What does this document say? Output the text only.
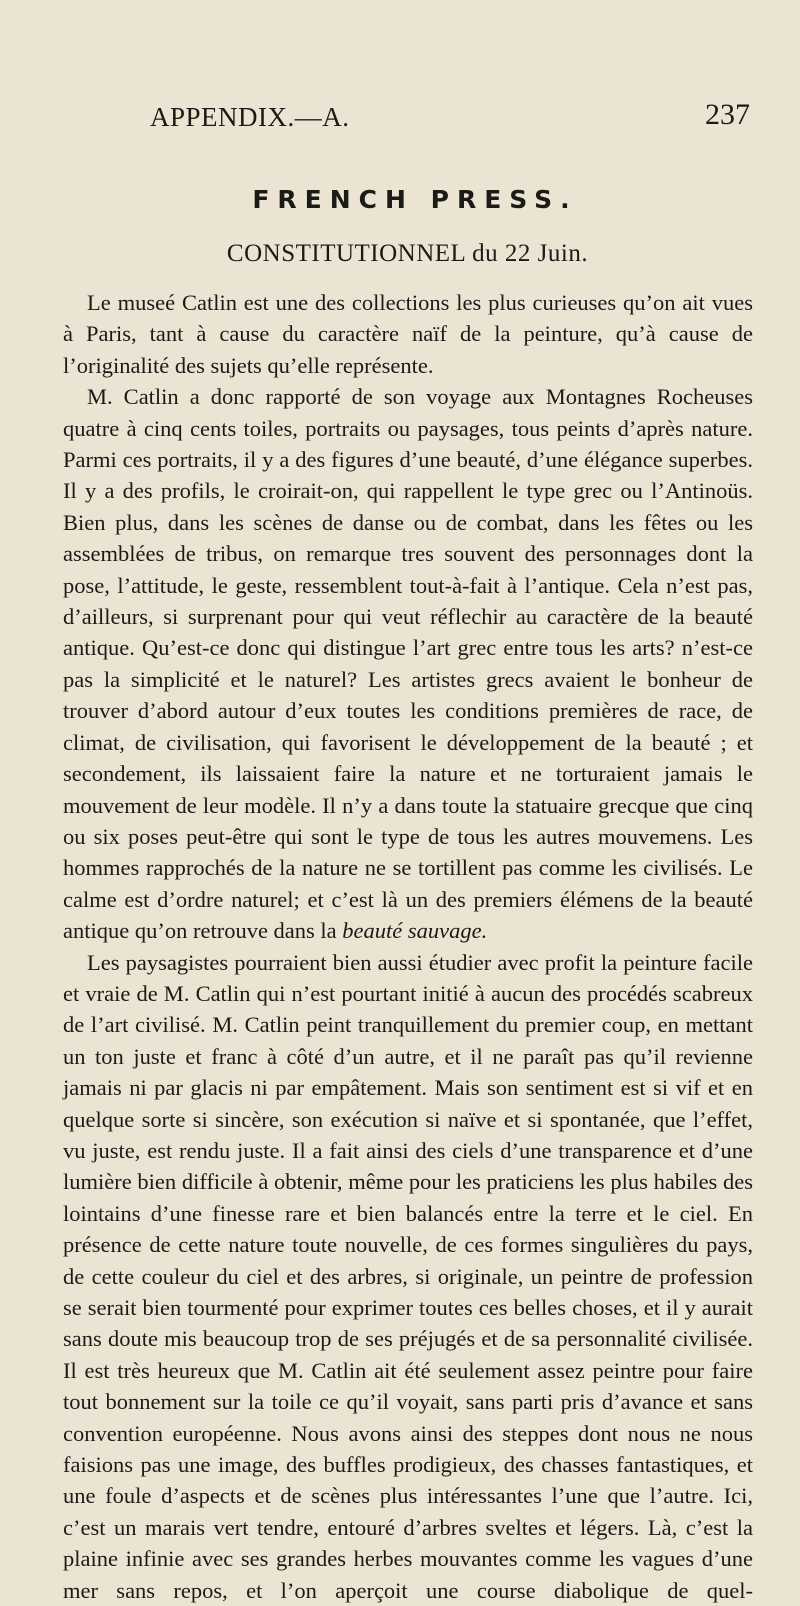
APPENDIX.—A.	237
FRENCH PRESS.
CONSTITUTIONNEL du 22 Juin.

Le museé Catlin est une des collections les plus curieuses qu’on ait vues à Paris, tant à cause du caractère naïf de la peinture, qu’à cause de l’originalité des sujets qu’elle représente.

M. Catlin a donc rapporté de son voyage aux Montagnes Rocheuses quatre à cinq cents toiles, portraits ou paysages, tous peints d’après nature. Parmi ces portraits, il y a des figures d’une beauté, d’une élégance superbes. Il y a des profils, le croirait-on, qui rappellent le type grec ou l’Antinoüs. Bien plus, dans les scènes de danse ou de combat, dans les fêtes ou les assemblées de tribus, on remarque tres souvent des personnages dont la pose, l’attitude, le geste, ressemblent tout-à-fait à l’antique. Cela n’est pas, d’ailleurs, si surprenant pour qui veut réflechir au caractère de la beauté antique. Qu’est-ce donc qui distingue l’art grec entre tous les arts? n’est-ce pas la simplicité et le naturel? Les artistes grecs avaient le bonheur de trouver d’abord autour d’eux toutes les conditions premières de race, de climat, de civilisation, qui favorisent le développement de la beauté ; et secondement, ils laissaient faire la nature et ne torturaient jamais le mouvement de leur modèle. Il n’y a dans toute la statuaire grecque que cinq ou six poses peut-être qui sont le type de tous les autres mouvemens. Les hommes rapprochés de la nature ne se tortillent pas comme les civilisés. Le calme est d’ordre naturel; et c’est là un des premiers élémens de la beauté antique qu’on retrouve dans la beauté sauvage.

Les paysagistes pourraient bien aussi étudier avec profit la peinture facile et vraie de M. Catlin qui n’est pourtant initié à aucun des procédés scabreux de l’art civilisé. M. Catlin peint tranquillement du premier coup, en mettant un ton juste et franc à côté d’un autre, et il ne paraît pas qu’il revienne jamais ni par glacis ni par empâtement. Mais son sentiment est si vif et en quelque sorte si sincère, son exécution si naïve et si spontanée, que l’effet, vu juste, est rendu juste. Il a fait ainsi des ciels d’une transparence et d’une lumière bien difficile à obtenir, même pour les praticiens les plus habiles des lointains d’une finesse rare et bien balancés entre la terre et le ciel. En présence de cette nature toute nouvelle, de ces formes singulières du pays, de cette couleur du ciel et des arbres, si originale, un peintre de profession se serait bien tourmenté pour exprimer toutes ces belles choses, et il y aurait sans doute mis beaucoup trop de ses préjugés et de sa personnalité civilisée. Il est très heureux que M. Catlin ait été seulement assez peintre pour faire tout bonnement sur la toile ce qu’il voyait, sans parti pris d’avance et sans convention européenne. Nous avons ainsi des steppes dont nous ne nous faisions pas une image, des buffles prodigieux, des chasses fantastiques, et une foule d’aspects et de scènes plus intéressantes l’une que l’autre. Ici, c’est un marais vert tendre, entouré d’arbres sveltes et légers. Là, c’est la plaine infinie avec ses grandes herbes mouvantes comme les vagues d’une mer sans repos, et l’on aperçoit une course diabolique de quel-
